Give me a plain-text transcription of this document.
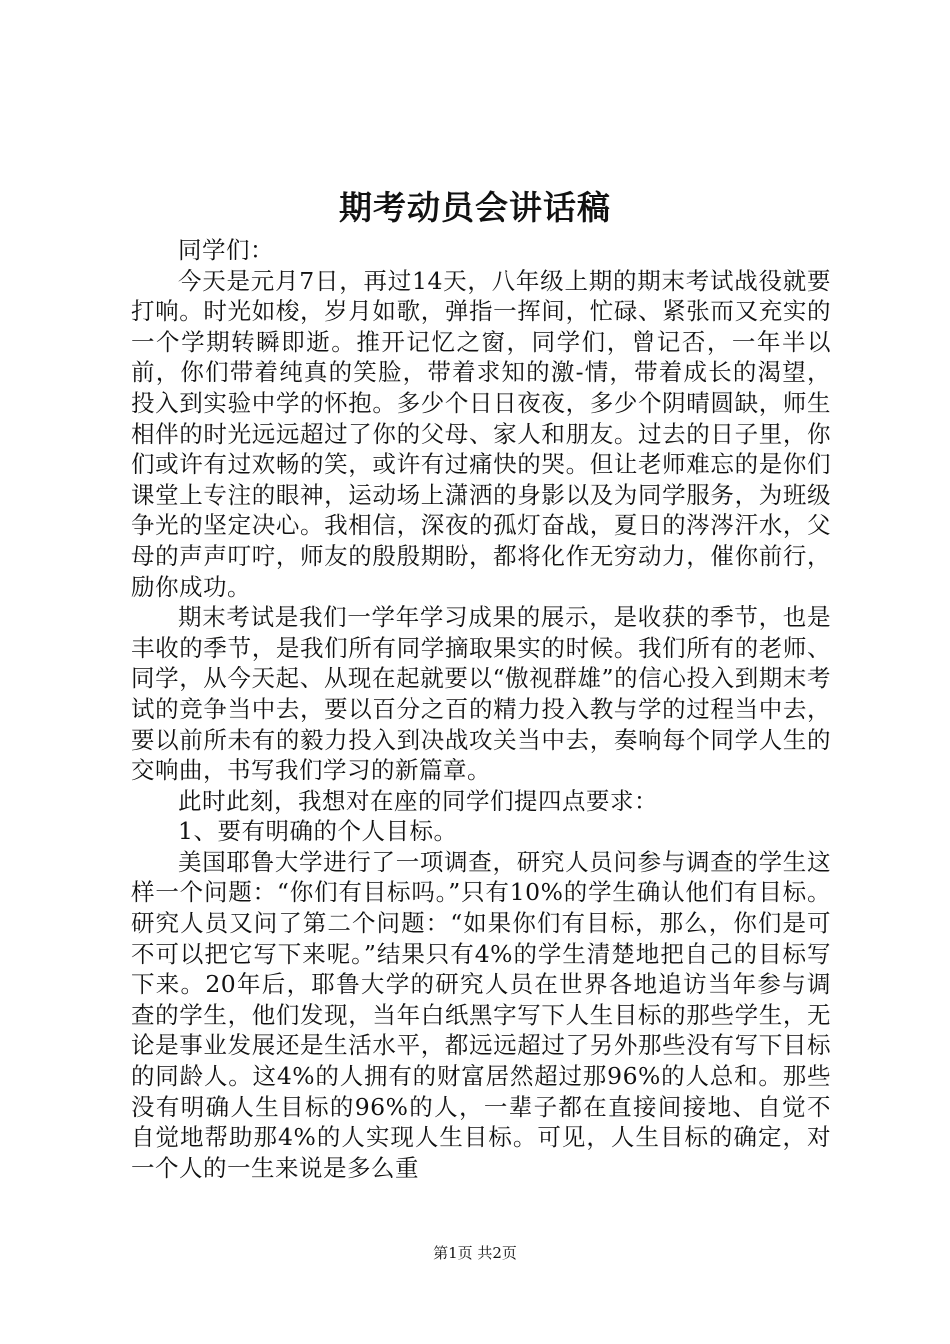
期考动员会讲话稿

同学们：

今天是元月7日，再过14天，八年级上期的期末考试战役就要打响。时光如梭，岁月如歌，弹指一挥间，忙碌、紧张而又充实的一个学期转瞬即逝。推开记忆之窗，同学们，曾记否，一年半以前，你们带着纯真的笑脸，带着求知的激-情，带着成长的渴望，投入到实验中学的怀抱。多少个日日夜夜，多少个阴晴圆缺，师生相伴的时光远远超过了你的父母、家人和朋友。过去的日子里，你们或许有过欢畅的笑，或许有过痛快的哭。但让老师难忘的是你们课堂上专注的眼神，运动场上潇洒的身影以及为同学服务，为班级争光的坚定决心。我相信，深夜的孤灯奋战，夏日的涔涔汗水，父母的声声叮咛，师友的殷殷期盼，都将化作无穷动力，催你前行，励你成功。

期末考试是我们一学年学习成果的展示，是收获的季节，也是丰收的季节，是我们所有同学摘取果实的时候。我们所有的老师、同学，从今天起、从现在起就要以“傲视群雄”的信心投入到期末考试的竞争当中去，要以百分之百的精力投入教与学的过程当中去，要以前所未有的毅力投入到决战攻关当中去，奏响每个同学人生的交响曲，书写我们学习的新篇章。

此时此刻，我想对在座的同学们提四点要求：

1、要有明确的个人目标。

美国耶鲁大学进行了一项调查，研究人员问参与调查的学生这样一个问题：“你们有目标吗。”只有10%的学生确认他们有目标。研究人员又问了第二个问题：“如果你们有目标，那么，你们是可不可以把它写下来呢。”结果只有4%的学生清楚地把自己的目标写下来。20年后，耶鲁大学的研究人员在世界各地追访当年参与调查的学生，他们发现，当年白纸黑字写下人生目标的那些学生，无论是事业发展还是生活水平，都远远超过了另外那些没有写下目标的同龄人。这4%的人拥有的财富居然超过那96%的人总和。那些没有明确人生目标的96%的人，一辈子都在直接间接地、自觉不自觉地帮助那4%的人实现人生目标。可见，人生目标的确定，对一个人的一生来说是多么重

第1页 共2页
